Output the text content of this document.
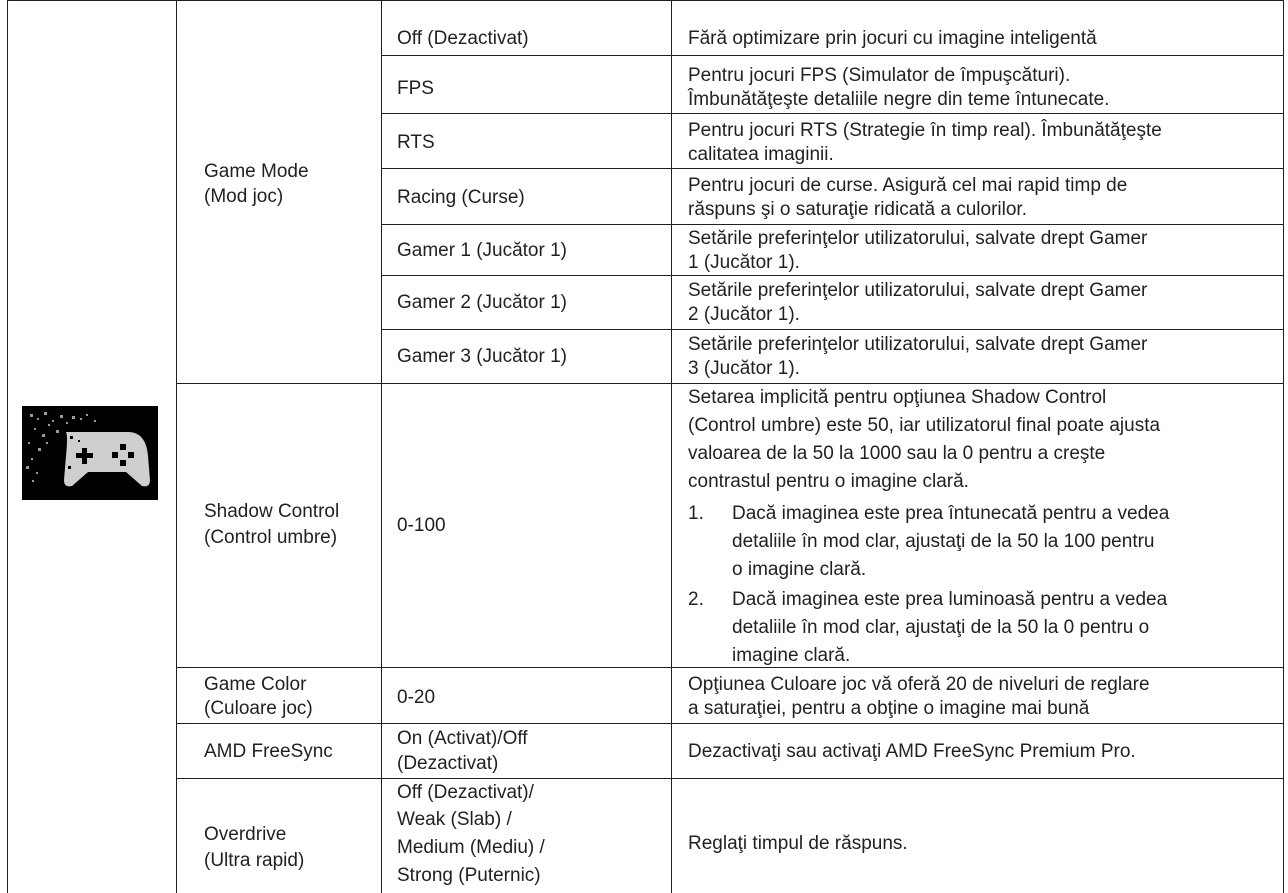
Game Mode
(Mod joc)
Off (Dezactivat)	Fără optimizare prin jocuri cu imagine inteligentă
FPS
Pentru jocuri FPS (Simulator de împuşcături).
Îmbunătăţeşte detaliile negre din teme întunecate.
RTS
Pentru jocuri RTS (Strategie în timp real). Îmbunătăţeşte
calitatea imaginii.
Racing (Curse)
Pentru jocuri de curse. Asigură cel mai rapid timp de
răspuns şi o saturaţie ridicată a culorilor.
Gamer 1 (Jucător 1)
Setările preferinţelor utilizatorului, salvate drept Gamer
1 (Jucător 1).
Gamer 2 (Jucător 1)
Setările preferinţelor utilizatorului, salvate drept Gamer
2 (Jucător 1).
Gamer 3 (Jucător 1)
Setările preferinţelor utilizatorului, salvate drept Gamer
3 (Jucător 1).
Shadow Control
(Control umbre)
0-100
Setarea implicită pentru opţiunea Shadow Control
(Control umbre) este 50, iar utilizatorul final poate ajusta
valoarea de la 50 la 1000 sau la 0 pentru a creşte
contrastul pentru o imagine clară.
1. Dacă imaginea este prea întunecată pentru a vedea
detaliile în mod clar, ajustaţi de la 50 la 100 pentru
o imagine clară.
2. Dacă imaginea este prea luminoasă pentru a vedea
detaliile în mod clar, ajustaţi de la 50 la 0 pentru o
imagine clară.
Game Color
(Culoare joc)
0-20
Opţiunea Culoare joc vă oferă 20 de niveluri de reglare
a saturaţiei, pentru a obţine o imagine mai bună
AMD FreeSync
On (Activat)/Off
(Dezactivat)
Dezactivaţi sau activaţi AMD FreeSync Premium Pro.
Overdrive
(Ultra rapid)
Off (Dezactivat)/
Weak (Slab) /
Medium (Mediu) /
Strong (Puternic)
Reglaţi timpul de răspuns.
